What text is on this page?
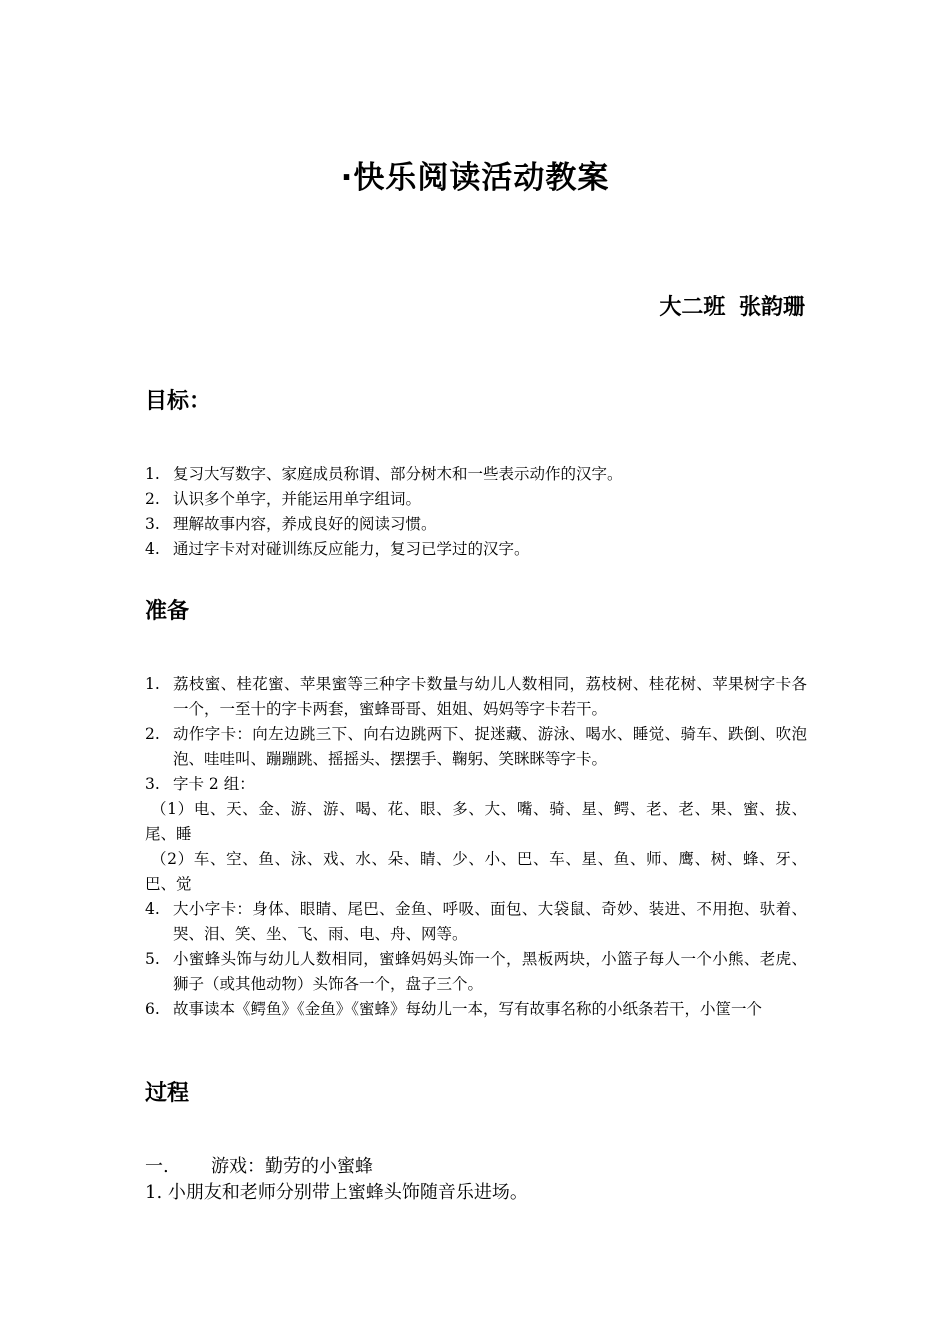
·快乐阅读活动教案
大二班 张韵珊
目标：
1. 复习大写数字、家庭成员称谓、部分树木和一些表示动作的汉字。
2. 认识多个单字，并能运用单字组词。
3. 理解故事内容，养成良好的阅读习惯。
4. 通过字卡对对碰训练反应能力，复习已学过的汉字。
准备
1. 荔枝蜜、桂花蜜、苹果蜜等三种字卡数量与幼儿人数相同，荔枝树、桂花树、苹果树字卡各一个，一至十的字卡两套，蜜蜂哥哥、姐姐、妈妈等字卡若干。
2. 动作字卡：向左边跳三下、向右边跳两下、捉迷藏、游泳、喝水、睡觉、骑车、跌倒、吹泡泡、哇哇叫、蹦蹦跳、摇摇头、摆摆手、鞠躬、笑眯眯等字卡。
3. 字卡 2 组：
（1）电、天、金、游、游、喝、花、眼、多、大、嘴、骑、星、鳄、老、老、果、蜜、拔、尾、睡
（2）车、空、鱼、泳、戏、水、朵、睛、少、小、巴、车、星、鱼、师、鹰、树、蜂、牙、巴、觉
4. 大小字卡：身体、眼睛、尾巴、金鱼、呼吸、面包、大袋鼠、奇妙、装进、不用抱、驮着、哭、泪、笑、坐、飞、雨、电、舟、网等。
5. 小蜜蜂头饰与幼儿人数相同，蜜蜂妈妈头饰一个，黑板两块，小篮子每人一个小熊、老虎、狮子（或其他动物）头饰各一个，盘子三个。
6. 故事读本《鳄鱼》《金鱼》《蜜蜂》每幼儿一本，写有故事名称的小纸条若干，小筐一个
过程
一. 游戏：勤劳的小蜜蜂
1. 小朋友和老师分别带上蜜蜂头饰随音乐进场。
